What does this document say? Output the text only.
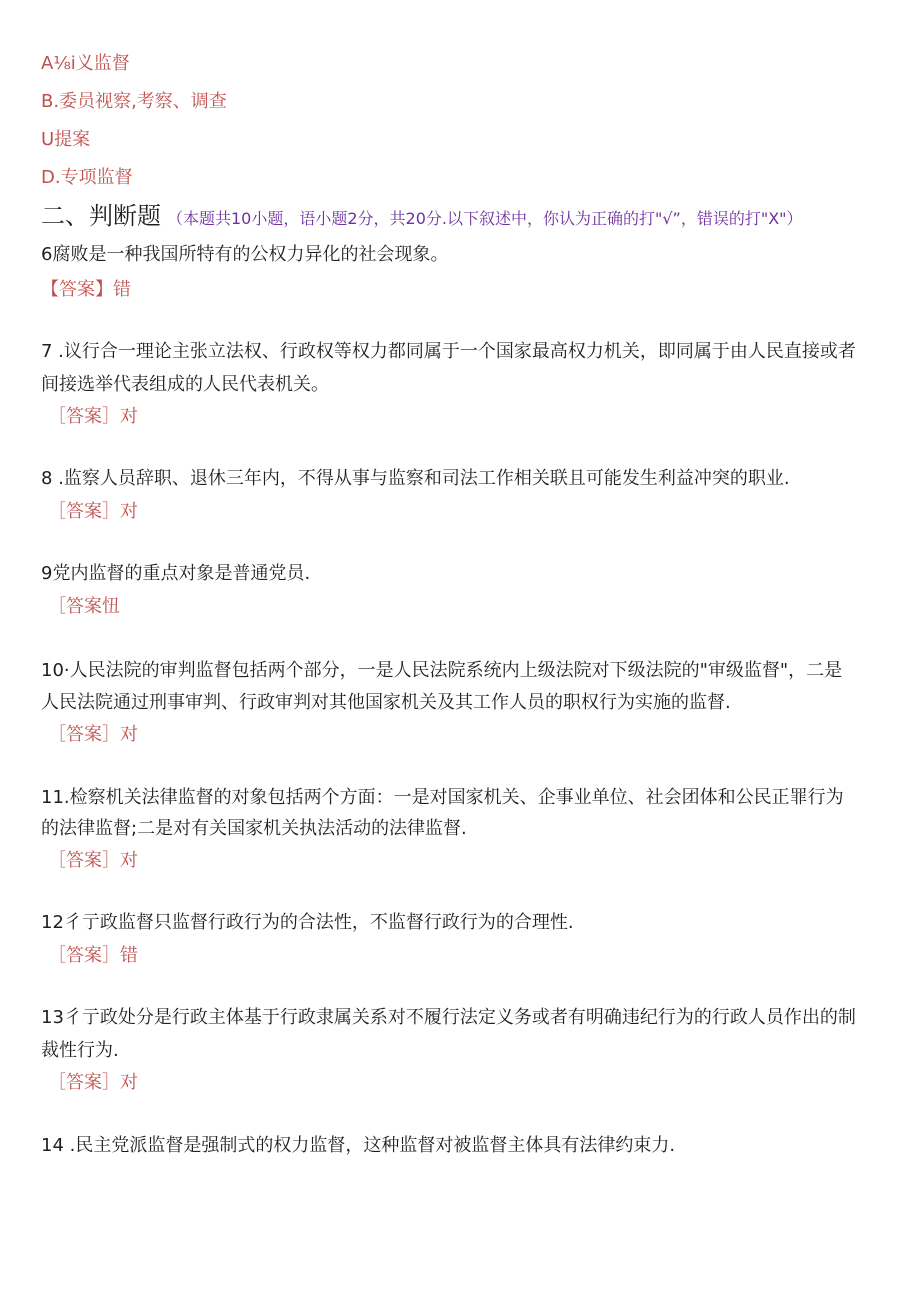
A⅛i义监督
B.委员视察,考察、调查
U提案
D.专项监督
二、判断题 （本题共10小题，语小题2分，共20分.以下叙述中，你认为正确的打"√”，错误的打"X"）
6腐败是一种我国所特有的公权力异化的社会现象。
【答案】错
7 .议行合一理论主张立法权、行政权等权力都同属于一个国家最高权力机关，即同属于由人民直接或者
间接选举代表组成的人民代表机关。
［答案］对
8 .监察人员辞职、退休三年内，不得从事与监察和司法工作相关联且可能发生利益冲突的职业.
［答案］对
9党内监督的重点对象是普通党员.
［答案忸
10·人民法院的审判监督包括两个部分，一是人民法院系统内上级法院对下级法院的"审级监督"，二是
人民法院通过刑事审判、行政审判对其他国家机关及其工作人员的职权行为实施的监督.
［答案］对
11.检察机关法律监督的对象包括两个方面：一是对国家机关、企事业单位、社会团体和公民正罪行为
的法律监督;二是对有关国家机关执法活动的法律监督.
［答案］对
12彳亍政监督只监督行政行为的合法性，不监督行政行为的合理性.
［答案］错
13彳亍政处分是行政主体基于行政隶属关系对不履行法定义务或者有明确违纪行为的行政人员作出的制
裁性行为.
［答案］对
14 .民主党派监督是强制式的权力监督，这种监督对被监督主体具有法律约束力.
